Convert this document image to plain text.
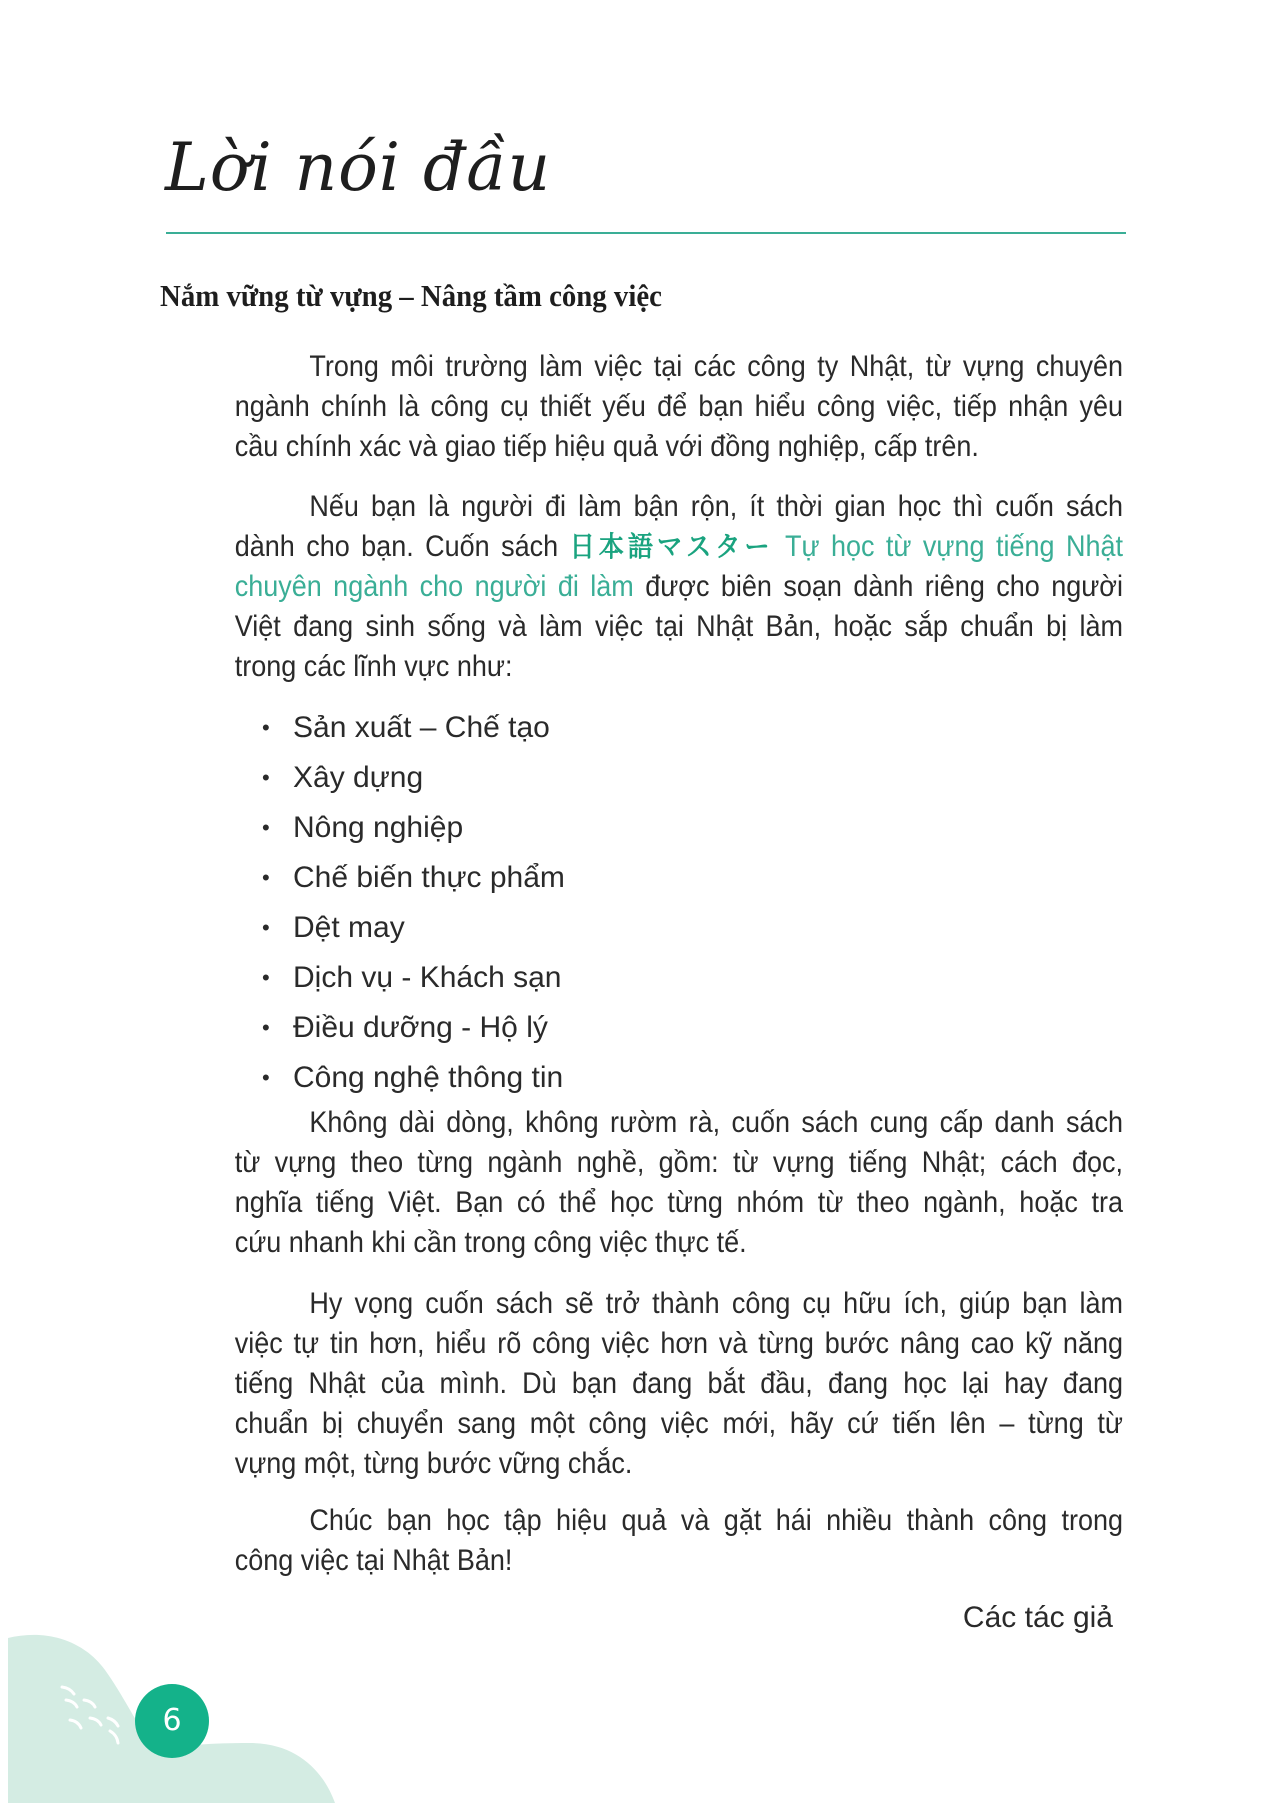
Lời nói đầu
Nắm vững từ vựng – Nâng tầm công việc

Trong môi trường làm việc tại các công ty Nhật, từ vựng chuyên
ngành chính là công cụ thiết yếu để bạn hiểu công việc, tiếp nhận yêu
cầu chính xác và giao tiếp hiệu quả với đồng nghiệp, cấp trên.

Nếu bạn là người đi làm bận rộn, ít thời gian học thì cuốn sách
dành cho bạn. Cuốn sách 日本語マスター Tự học từ vựng tiếng Nhật
chuyên ngành cho người đi làm được biên soạn dành riêng cho người
Việt đang sinh sống và làm việc tại Nhật Bản, hoặc sắp chuẩn bị làm
trong các lĩnh vực như:

• Sản xuất – Chế tạo
• Xây dựng
• Nông nghiệp
• Chế biến thực phẩm
• Dệt may
• Dịch vụ - Khách sạn
• Điều dưỡng - Hộ lý
• Công nghệ thông tin

Không dài dòng, không rườm rà, cuốn sách cung cấp danh sách
từ vựng theo từng ngành nghề, gồm: từ vựng tiếng Nhật; cách đọc,
nghĩa tiếng Việt. Bạn có thể học từng nhóm từ theo ngành, hoặc tra
cứu nhanh khi cần trong công việc thực tế.

Hy vọng cuốn sách sẽ trở thành công cụ hữu ích, giúp bạn làm
việc tự tin hơn, hiểu rõ công việc hơn và từng bước nâng cao kỹ năng
tiếng Nhật của mình. Dù bạn đang bắt đầu, đang học lại hay đang
chuẩn bị chuyển sang một công việc mới, hãy cứ tiến lên – từng từ
vựng một, từng bước vững chắc.

Chúc bạn học tập hiệu quả và gặt hái nhiều thành công trong
công việc tại Nhật Bản!

Các tác giả

6
